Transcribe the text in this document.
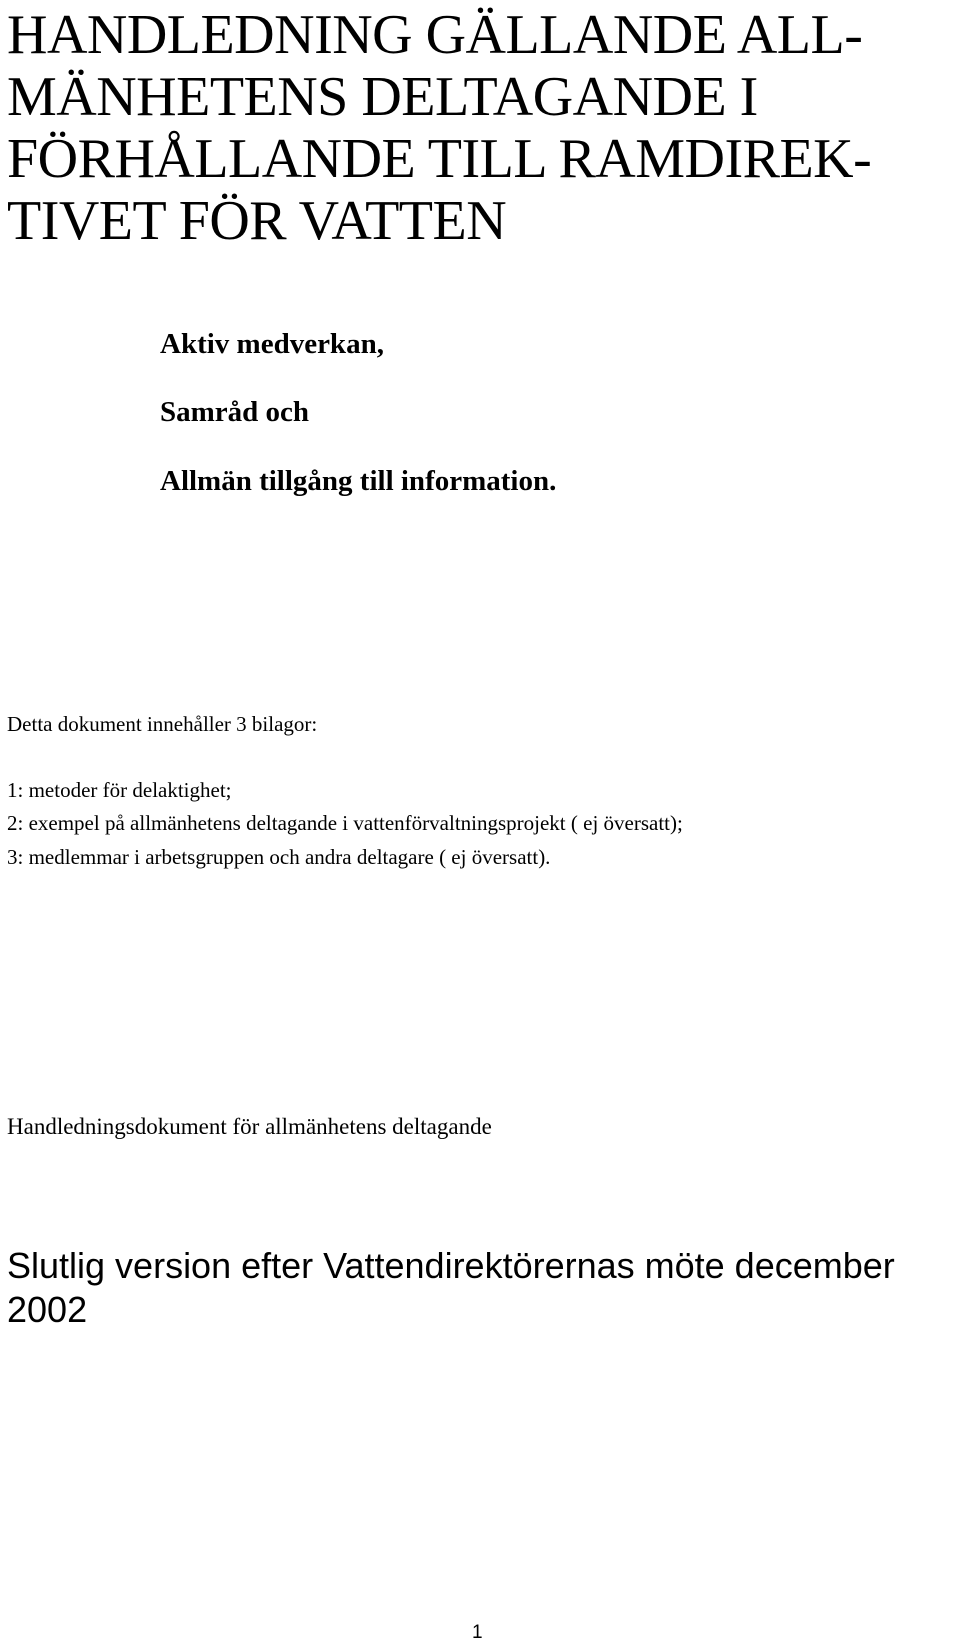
HANDLEDNING GÄLLANDE ALL-
MÄNHETENS DELTAGANDE I
FÖRHÅLLANDE TILL RAMDIREK-
TIVET FÖR VATTEN

Aktiv medverkan,

Samråd och

Allmän tillgång till information.

Detta dokument innehåller 3 bilagor:

1: metoder för delaktighet;

2: exempel på allmänhetens deltagande i vattenförvaltningsprojekt ( ej översatt);

3: medlemmar i arbetsgruppen och andra deltagare ( ej översatt).

Handledningsdokument för allmänhetens deltagande

Slutlig version efter Vattendirektörernas möte december 2002

1
